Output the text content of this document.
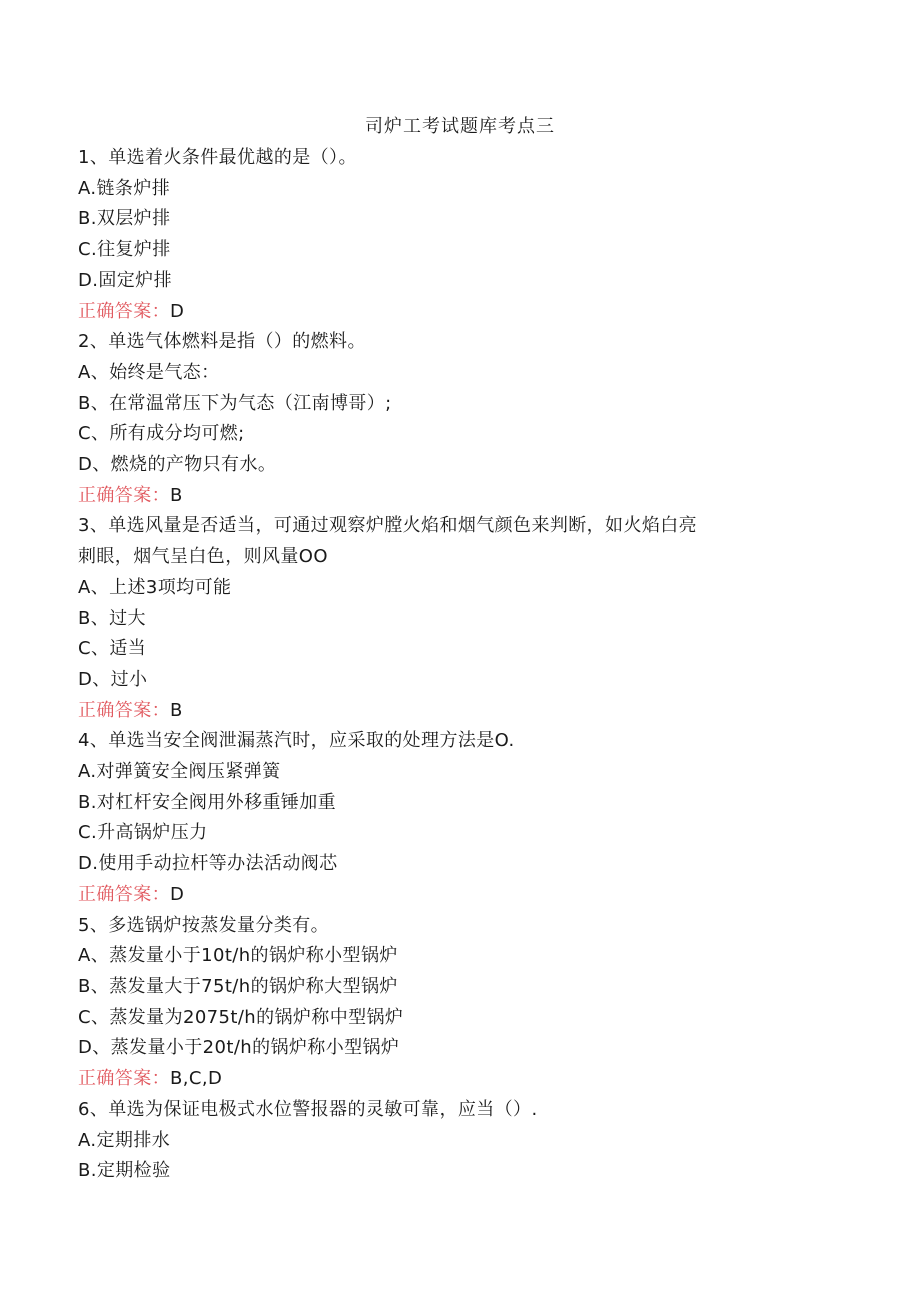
司炉工考试题库考点三
1、单选着火条件最优越的是（）。
A.链条炉排
B.双层炉排
C.往复炉排
D.固定炉排
正确答案：D
2、单选气体燃料是指（）的燃料。
A、始终是气态：
B、在常温常压下为气态（江南博哥）;
C、所有成分均可燃;
D、燃烧的产物只有水。
正确答案：B
3、单选风量是否适当，可通过观察炉膛火焰和烟气颜色来判断，如火焰白亮
刺眼，烟气呈白色，则风量OO
A、上述3项均可能
B、过大
C、适当
D、过小
正确答案：B
4、单选当安全阀泄漏蒸汽时，应采取的处理方法是O.
A.对弹簧安全阀压紧弹簧
B.对杠杆安全阀用外移重锤加重
C.升高锅炉压力
D.使用手动拉杆等办法活动阀芯
正确答案：D
5、多选锅炉按蒸发量分类有。
A、蒸发量小于10t∕h的锅炉称小型锅炉
B、蒸发量大于75t∕h的锅炉称大型锅炉
C、蒸发量为2075t∕h的锅炉称中型锅炉
D、蒸发量小于20t∕h的锅炉称小型锅炉
正确答案：B,C,D
6、单选为保证电极式水位警报器的灵敏可靠，应当（）.
A.定期排水
B.定期检验
